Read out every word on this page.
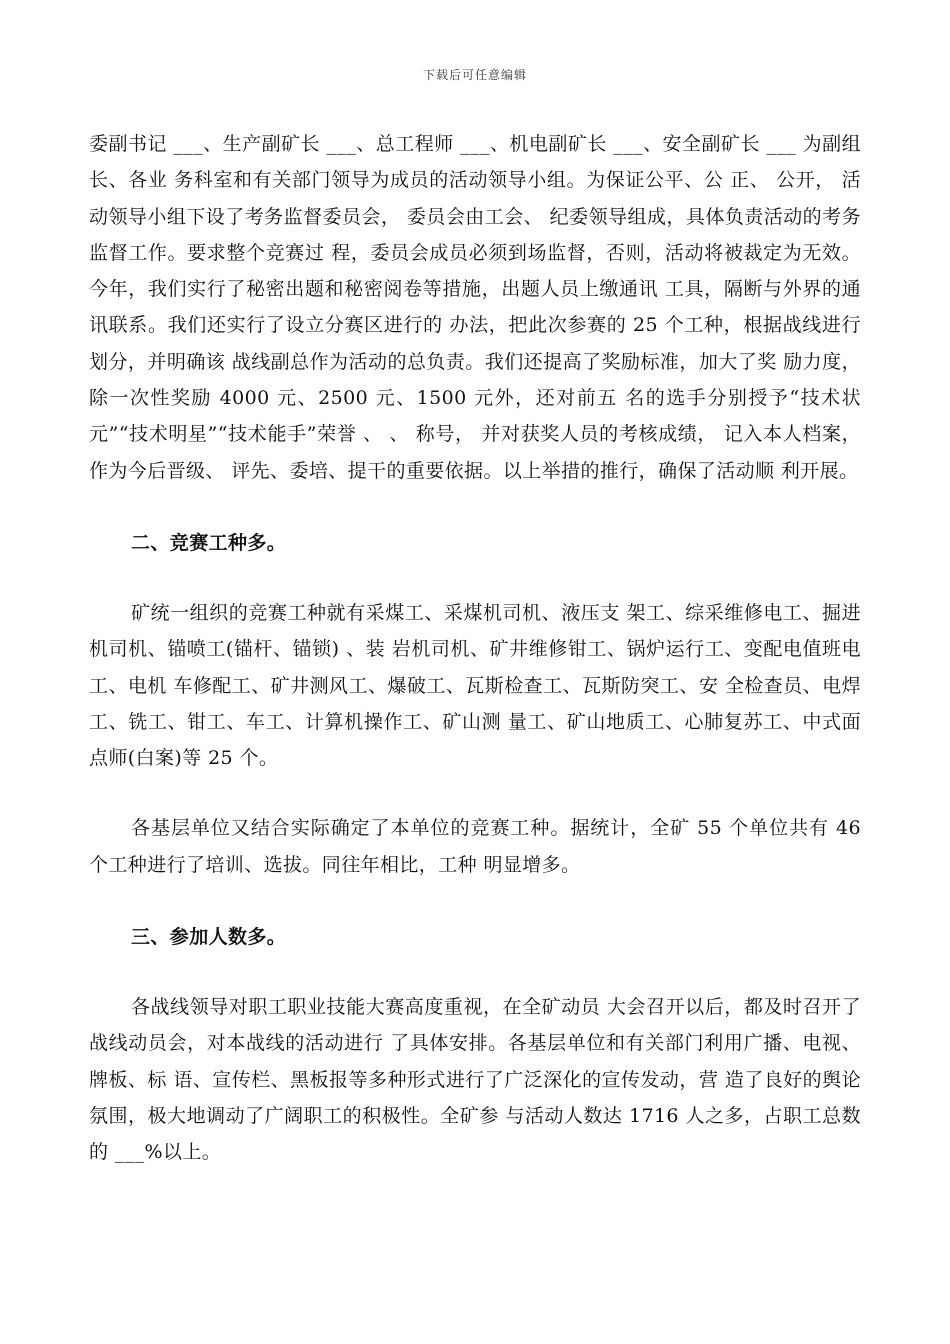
下载后可任意编辑

委副书记 ___、生产副矿长 ___、总工程师 ___、机电副矿长 ___、安全副矿长 ___ 为副组长、各业 务科室和有关部门领导为成员的活动领导小组。为保证公平、公 正、 公开， 活动领导小组下设了考务监督委员会， 委员会由工会、 纪委领导组成，具体负责活动的考务监督工作。要求整个竞赛过 程，委员会成员必须到场监督，否则，活动将被裁定为无效。今年，我们实行了秘密出题和秘密阅卷等措施，出题人员上缴通讯 工具，隔断与外界的通讯联系。我们还实行了设立分赛区进行的 办法，把此次参赛的 25 个工种，根据战线进行划分，并明确该 战线副总作为活动的总负责。我们还提高了奖励标准，加大了奖 励力度，除一次性奖励 4000 元、2500 元、1500 元外，还对前五 名的选手分别授予“技术状元”“技术明星”“技术能手”荣誉 、 、 称号， 并对获奖人员的考核成绩， 记入本人档案， 作为今后晋级、 评先、委培、提干的重要依据。以上举措的推行，确保了活动顺 利开展。

二、竞赛工种多。

矿统一组织的竞赛工种就有采煤工、采煤机司机、液压支 架工、综采维修电工、掘进机司机、锚喷工(锚杆、锚锁) 、装 岩机司机、矿井维修钳工、锅炉运行工、变配电值班电工、电机 车修配工、矿井测风工、爆破工、瓦斯检查工、瓦斯防突工、安 全检查员、电焊工、铣工、钳工、车工、计算机操作工、矿山测 量工、矿山地质工、心肺复苏工、中式面点师(白案)等 25 个。

各基层单位又结合实际确定了本单位的竞赛工种。据统计，全矿 55 个单位共有 46 个工种进行了培训、选拔。同往年相比，工种 明显增多。

三、参加人数多。

各战线领导对职工职业技能大赛高度重视，在全矿动员 大会召开以后，都及时召开了战线动员会，对本战线的活动进行 了具体安排。各基层单位和有关部门利用广播、电视、牌板、标 语、宣传栏、黑板报等多种形式进行了广泛深化的宣传发动，营 造了良好的舆论氛围，极大地调动了广阔职工的积极性。全矿参 与活动人数达 1716 人之多，占职工总数的 ___%以上。
